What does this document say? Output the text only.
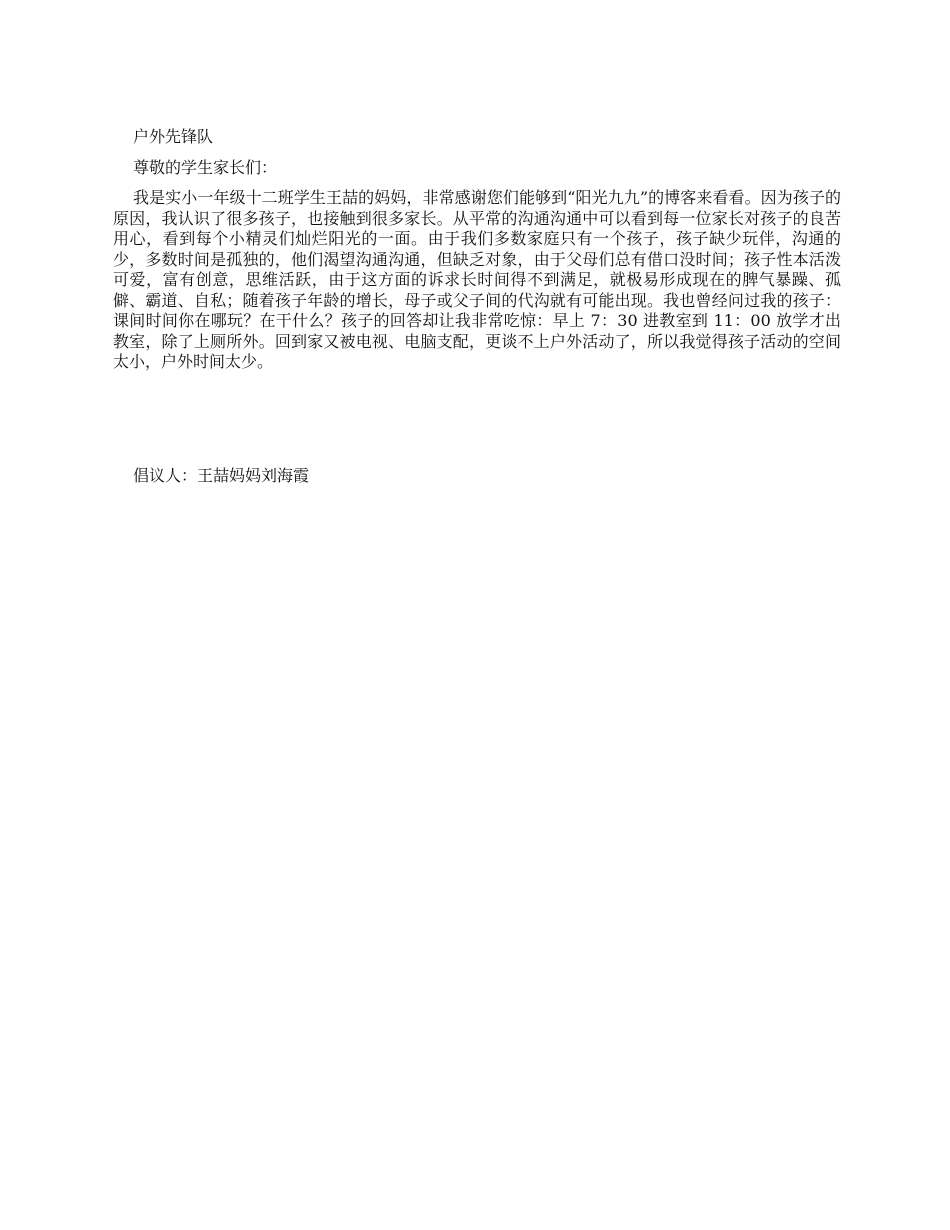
户外先锋队

尊敬的学生家长们：

我是实小一年级十二班学生王喆的妈妈，非常感谢您们能够到“阳光九九”的博客来看看。因为孩子的原因，我认识了很多孩子，也接触到很多家长。从平常的沟通沟通中可以看到每一位家长对孩子的良苦用心，看到每个小精灵们灿烂阳光的一面。由于我们多数家庭只有一个孩子，孩子缺少玩伴，沟通的少，多数时间是孤独的，他们渴望沟通沟通，但缺乏对象，由于父母们总有借口没时间；孩子性本活泼可爱，富有创意，思维活跃，由于这方面的诉求长时间得不到满足，就极易形成现在的脾气暴躁、孤僻、霸道、自私；随着孩子年龄的增长，母子或父子间的代沟就有可能出现。我也曾经问过我的孩子：课间时间你在哪玩？在干什么？孩子的回答却让我非常吃惊：早上 7：30 进教室到 11：00 放学才出教室，除了上厕所外。回到家又被电视、电脑支配，更谈不上户外活动了，所以我觉得孩子活动的空间太小，户外时间太少。

倡议人：王喆妈妈刘海霞
